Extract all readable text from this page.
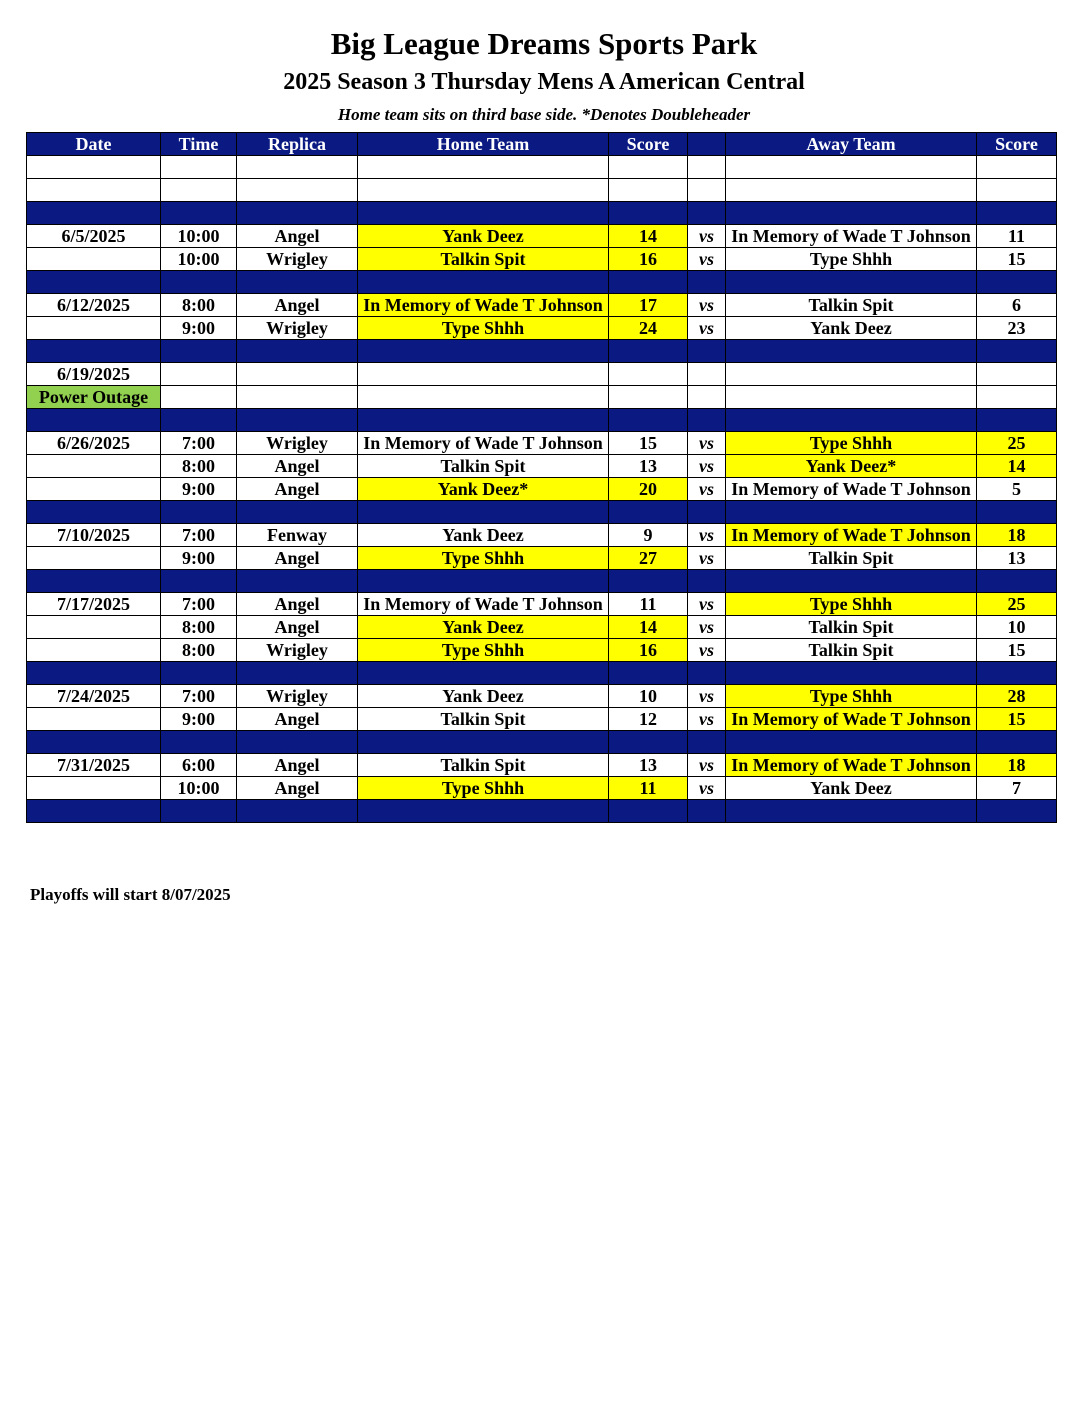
Big League Dreams Sports Park
2025 Season 3 Thursday Mens A American Central
Home team sits on third base side. *Denotes Doubleheader
Date	Time	Replica	Home Team	Score		Away Team	Score

6/5/2025	10:00	Angel	Yank Deez	14	vs	In Memory of Wade T Johnson	11
	10:00	Wrigley	Talkin Spit	16	vs	Type Shhh	15

6/12/2025	8:00	Angel	In Memory of Wade T Johnson	17	vs	Talkin Spit	6
	9:00	Wrigley	Type Shhh	24	vs	Yank Deez	23

6/19/2025							
Power Outage							

6/26/2025	7:00	Wrigley	In Memory of Wade T Johnson	15	vs	Type Shhh	25
	8:00	Angel	Talkin Spit	13	vs	Yank Deez*	14
	9:00	Angel	Yank Deez*	20	vs	In Memory of Wade T Johnson	5

7/10/2025	7:00	Fenway	Yank Deez	9	vs	In Memory of Wade T Johnson	18
	9:00	Angel	Type Shhh	27	vs	Talkin Spit	13

7/17/2025	7:00	Angel	In Memory of Wade T Johnson	11	vs	Type Shhh	25
	8:00	Angel	Yank Deez	14	vs	Talkin Spit	10
	8:00	Wrigley	Type Shhh	16	vs	Talkin Spit	15

7/24/2025	7:00	Wrigley	Yank Deez	10	vs	Type Shhh	28
	9:00	Angel	Talkin Spit	12	vs	In Memory of Wade T Johnson	15

7/31/2025	6:00	Angel	Talkin Spit	13	vs	In Memory of Wade T Johnson	18
	10:00	Angel	Type Shhh	11	vs	Yank Deez	7

Playoffs will start 8/07/2025
